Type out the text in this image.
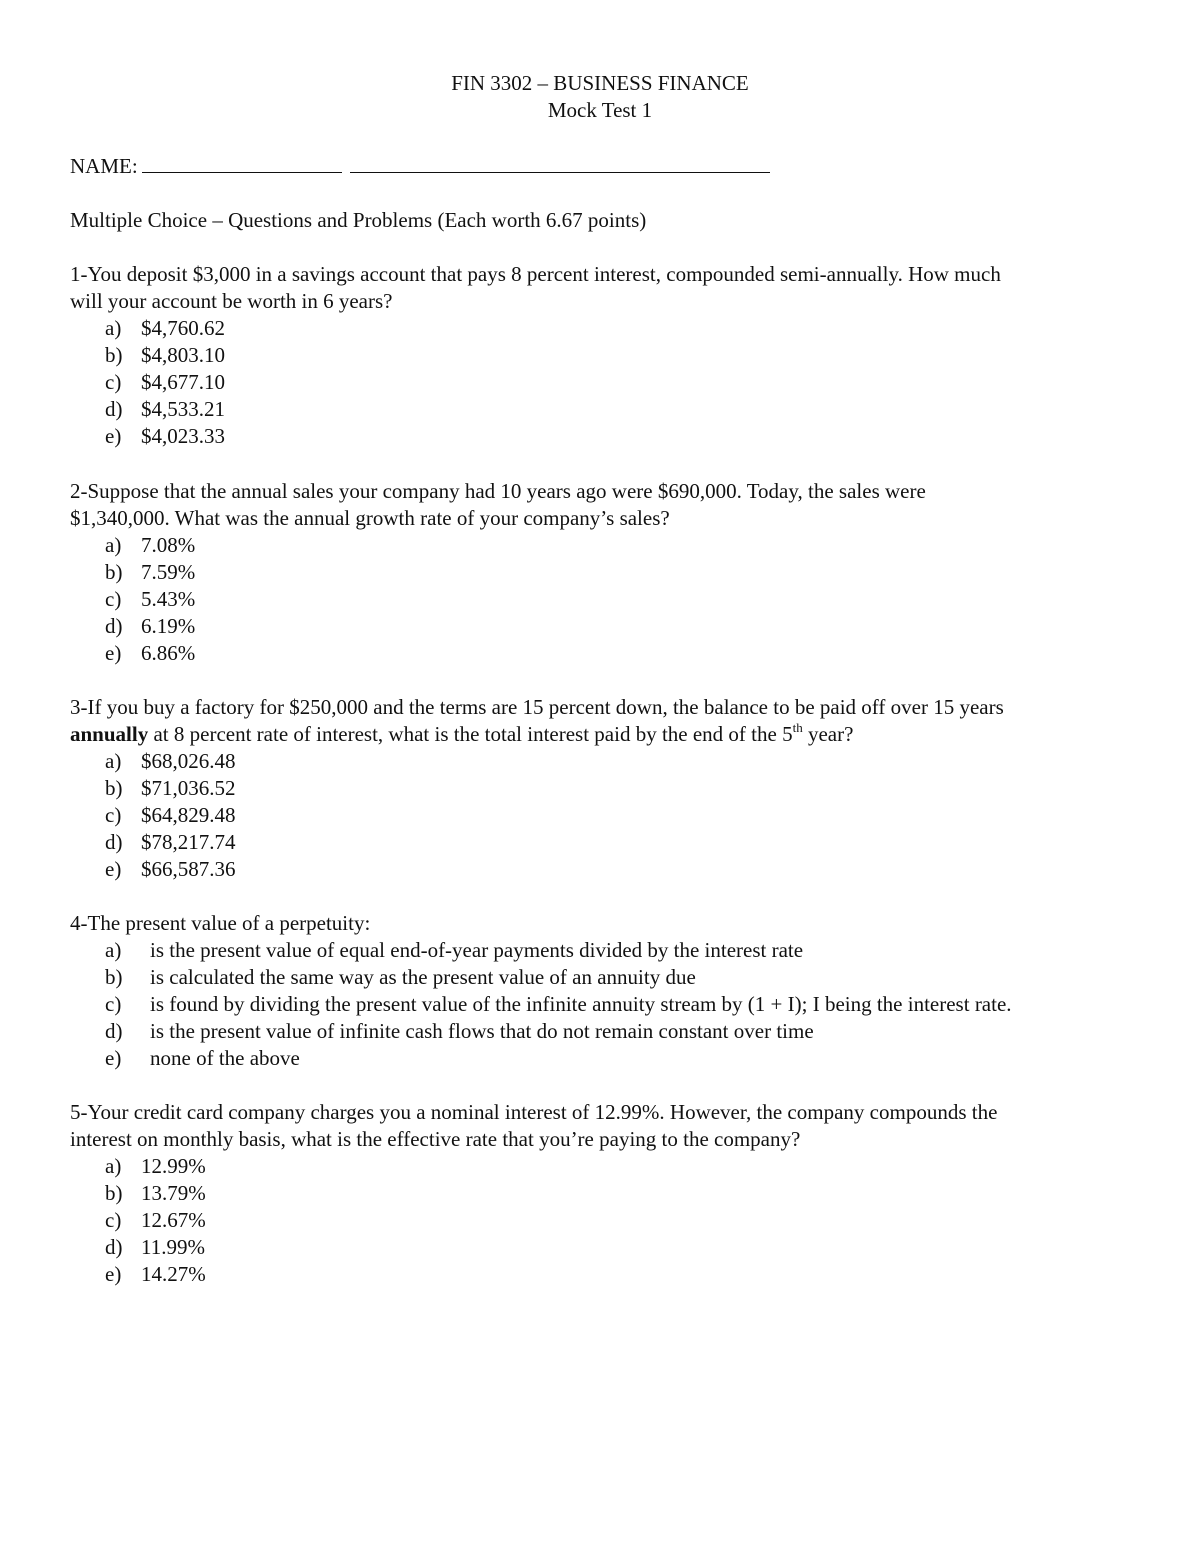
FIN 3302 – BUSINESS FINANCE
Mock Test 1
NAME:
Multiple Choice – Questions and Problems (Each worth 6.67 points)

1-You deposit $3,000 in a savings account that pays 8 percent interest, compounded semi-annually. How much
will your account be worth in 6 years?

a) $4,760.62
b) $4,803.10
c) $4,677.10
d) $4,533.21
e) $4,023.33

2-Suppose that the annual sales your company had 10 years ago were $690,000. Today, the sales were
$1,340,000. What was the annual growth rate of your company’s sales?

a) 7.08%
b) 7.59%
c) 5.43%
d) 6.19%
e) 6.86%

3-If you buy a factory for $250,000 and the terms are 15 percent down, the balance to be paid off over 15 years
annually at 8 percent rate of interest, what is the total interest paid by the end of the 5th year?

a) $68,026.48
b) $71,036.52
c) $64,829.48
d) $78,217.74
e) $66,587.36

4-The present value of a perpetuity:

a)	is the present value of equal end-of-year payments divided by the interest rate
b)	is calculated the same way as the present value of an annuity due
c)	is found by dividing the present value of the infinite annuity stream by (1 + I); I being the interest rate.
d)	is the present value of infinite cash flows that do not remain constant over time
e)	none of the above

5-Your credit card company charges you a nominal interest of 12.99%. However, the company compounds the
interest on monthly basis, what is the effective rate that you’re paying to the company?

a) 12.99%
b) 13.79%
c) 12.67%
d) 11.99%
e) 14.27%
